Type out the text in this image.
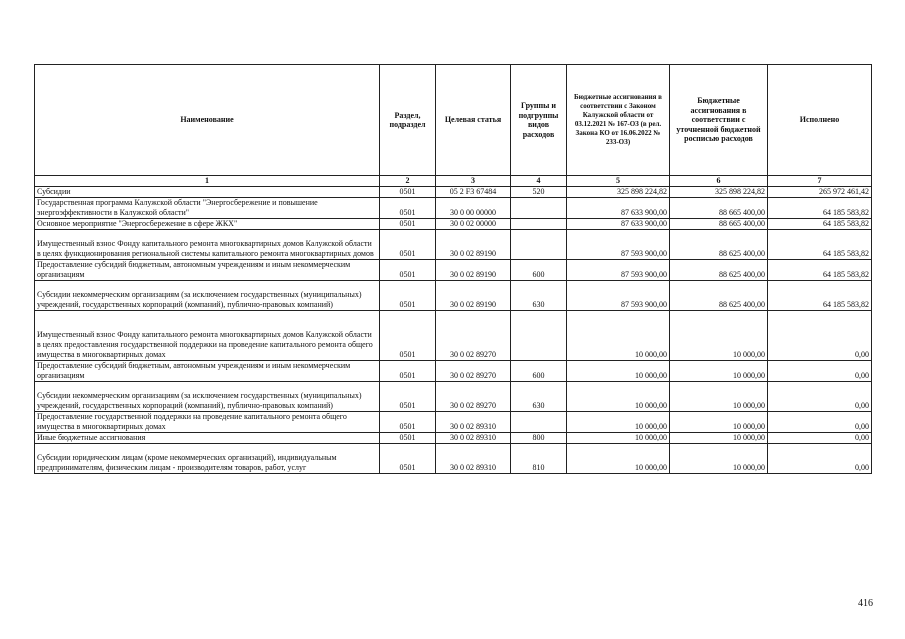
Наименование	Раздел, подраздел	Целевая статья	Группы и подгруппы видов расходов	Бюджетные ассигнования в соответствии с Законом Калужской области от 03.12.2021 № 167-ОЗ (в рел. Закона КО от 16.06.2022 № 233-ОЗ)	Бюджетные ассигнования в соответствии с уточненной бюджетной росписью расходов	Исполнено
1	2	3	4	5	6	7
Субсидии	0501	05 2 F3 67484	520	325 898 224,82	325 898 224,82	265 972 461,42
Государственная программа Калужской области "Энергосбережение и повышение энергоэффективности в Калужской области"	0501	30 0 00 00000		87 633 900,00	88 665 400,00	64 185 583,82
Основное мероприятие "Энергосбережение в сфере ЖКХ"	0501	30 0 02 00000		87 633 900,00	88 665 400,00	64 185 583,82
Имущественный взнос Фонду капитального ремонта многоквартирных домов Калужской области в целях функционирования региональной системы капитального ремонта многоквартирных домов	0501	30 0 02 89190		87 593 900,00	88 625 400,00	64 185 583,82
Предоставление субсидий бюджетным, автономным учреждениям и иным некоммерческим организациям	0501	30 0 02 89190	600	87 593 900,00	88 625 400,00	64 185 583,82
Субсидии некоммерческим организациям (за исключением государственных (муниципальных) учреждений, государственных корпораций (компаний), публично-правовых компаний)	0501	30 0 02 89190	630	87 593 900,00	88 625 400,00	64 185 583,82
Имущественный взнос Фонду капитального ремонта многоквартирных домов Калужской области в целях предоставления государственной поддержки на проведение капитального ремонта общего имущества в многоквартирных домах	0501	30 0 02 89270		10 000,00	10 000,00	0,00
Предоставление субсидий бюджетным, автономным учреждениям и иным некоммерческим организациям	0501	30 0 02 89270	600	10 000,00	10 000,00	0,00
Субсидии некоммерческим организациям (за исключением государственных (муниципальных) учреждений, государственных корпораций (компаний), публично-правовых компаний)	0501	30 0 02 89270	630	10 000,00	10 000,00	0,00
Предоставление государственной поддержки на проведение капитального ремонта общего имущества в многоквартирных домах	0501	30 0 02 89310		10 000,00	10 000,00	0,00
Иные бюджетные ассигнования	0501	30 0 02 89310	800	10 000,00	10 000,00	0,00
Субсидии юридическим лицам (кроме некоммерческих организаций), индивидуальным предпринимателям, физическим лицам - производителям товаров, работ, услуг	0501	30 0 02 89310	810	10 000,00	10 000,00	0,00
416
